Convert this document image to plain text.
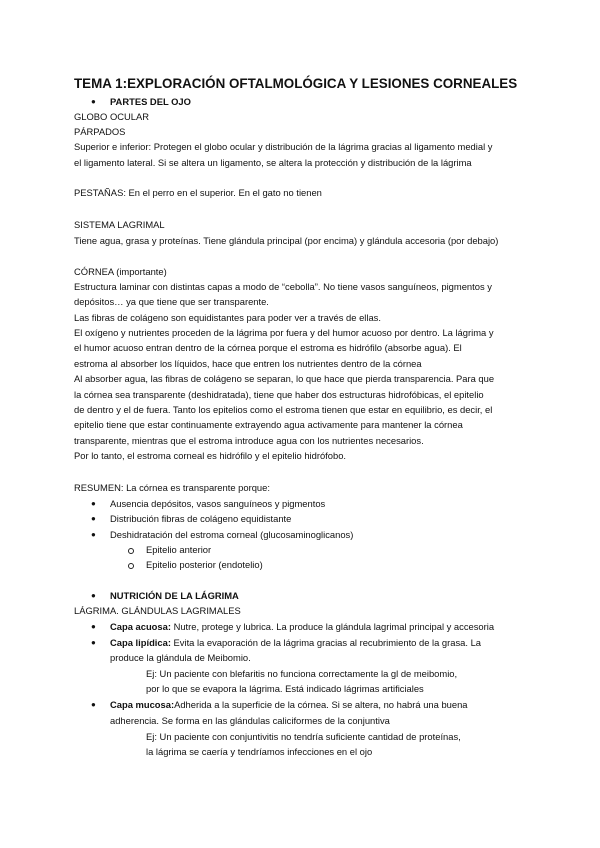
TEMA 1:EXPLORACIÓN OFTALMOLÓGICA Y LESIONES CORNEALES
● PARTES DEL OJO
GLOBO OCULAR
PÁRPADOS
Superior e inferior: Protegen el globo ocular y distribución de la lágrima gracias al ligamento medial y
el ligamento lateral. Si se altera un ligamento, se altera la protección y distribución de la lágrima
PESTAÑAS: En el perro en el superior. En el gato no tienen
SISTEMA LAGRIMAL
Tiene agua, grasa y proteínas. Tiene glándula principal (por encima) y glándula accesoria (por debajo)
CÓRNEA (importante)
Estructura laminar con distintas capas a modo de “cebolla”. No tiene vasos sanguíneos, pigmentos y
depósitos… ya que tiene que ser transparente.
Las fibras de colágeno son equidistantes para poder ver a través de ellas.
El oxígeno y nutrientes proceden de la lágrima por fuera y del humor acuoso por dentro. La lágrima y
el humor acuoso entran dentro de la córnea porque el estroma es hidrófilo (absorbe agua). El
estroma al absorber los líquidos, hace que entren los nutrientes dentro de la córnea
Al absorber agua, las fibras de colágeno se separan, lo que hace que pierda transparencia. Para que
la córnea sea transparente (deshidratada), tiene que haber dos estructuras hidrofóbicas, el epitelio
de dentro y el de fuera. Tanto los epitelios como el estroma tienen que estar en equilibrio, es decir, el
epitelio tiene que estar continuamente extrayendo agua activamente para mantener la córnea
transparente, mientras que el estroma introduce agua con los nutrientes necesarios.
Por lo tanto, el estroma corneal es hidrófilo y el epitelio hidrófobo.
RESUMEN: La córnea es transparente porque:
● Ausencia depósitos, vasos sanguíneos y pigmentos
● Distribución fibras de colágeno equidistante
● Deshidratación del estroma corneal (glucosaminoglicanos)
Epitelio anterior
Epitelio posterior (endotelio)
● NUTRICIÓN DE LA LÁGRIMA
LÁGRIMA. GLÁNDULAS LAGRIMALES
● Capa acuosa: Nutre, protege y lubrica. La produce la glándula lagrimal principal y accesoria
● Capa lipídica: Evita la evaporación de la lágrima gracias al recubrimiento de la grasa. La
produce la glándula de Meibomio.
Ej: Un paciente con blefaritis no funciona correctamente la gl de meibomio,
por lo que se evapora la lágrima. Está indicado lágrimas artificiales
● Capa mucosa:Adherida a la superficie de la córnea. Si se altera, no habrá una buena
adherencia. Se forma en las glándulas caliciformes de la conjuntiva
Ej: Un paciente con conjuntivitis no tendría suficiente cantidad de proteínas,
la lágrima se caería y tendríamos infecciones en el ojo
